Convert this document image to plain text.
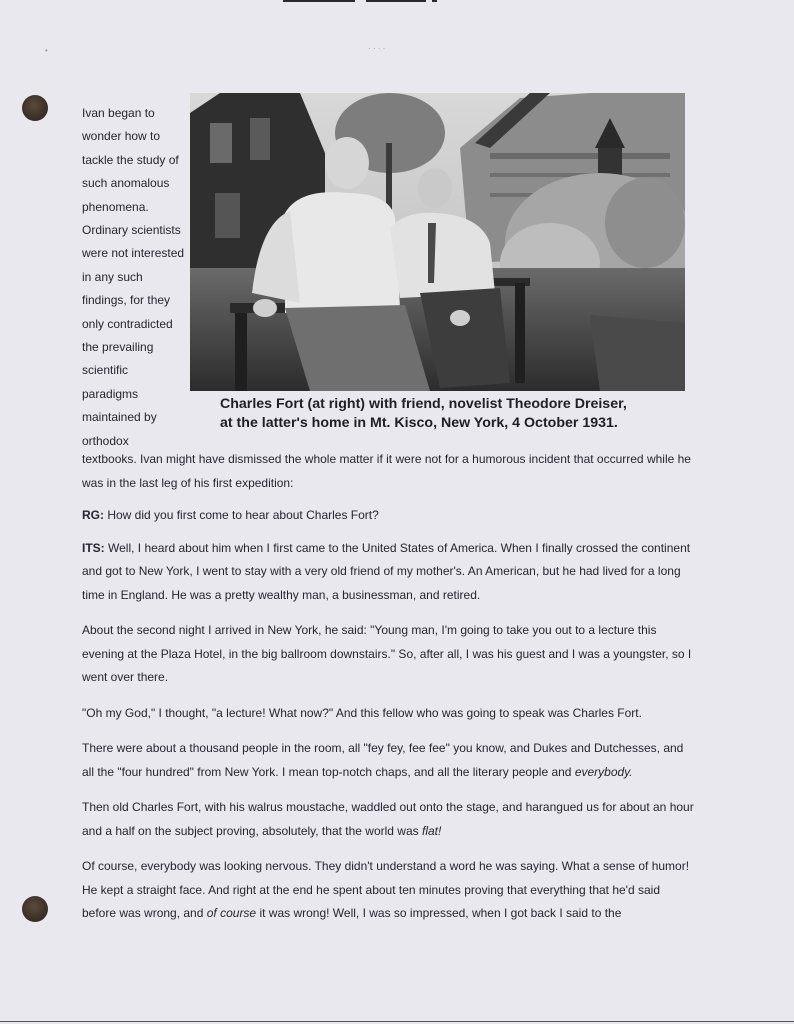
•	· · · ·
Charles Fort (at right) with friend, novelist Theodore Dreiser,
at the latter's home in Mt. Kisco, New York, 4 October 1931.
Ivan began to
wonder how to
tackle the study of
such anomalous
phenomena.
Ordinary scientists
were not interested
in any such
findings, for they
only contradicted
the prevailing
scientific
paradigms
maintained by
orthodox

textbooks. Ivan might have dismissed the whole matter if it were not for a humorous incident that occurred while he was in the last leg of his first expedition:

RG: How did you first come to hear about Charles Fort?

ITS: Well, I heard about him when I first came to the United States of America. When I finally crossed the continent and got to New York, I went to stay with a very old friend of my mother's. An American, but he had lived for a long time in England. He was a pretty wealthy man, a businessman, and retired.

About the second night I arrived in New York, he said: "Young man, I'm going to take you out to a lecture this evening at the Plaza Hotel, in the big ballroom downstairs." So, after all, I was his guest and I was a youngster, so I went over there.

"Oh my God," I thought, "a lecture! What now?" And this fellow who was going to speak was Charles Fort.

There were about a thousand people in the room, all "fey fey, fee fee" you know, and Dukes and Dutchesses, and all the "four hundred" from New York. I mean top-notch chaps, and all the literary people and everybody.

Then old Charles Fort, with his walrus moustache, waddled out onto the stage, and harangued us for about an hour and a half on the subject proving, absolutely, that the world was flat!

Of course, everybody was looking nervous. They didn't understand a word he was saying. What a sense of humor! He kept a straight face. And right at the end he spent about ten minutes proving that everything that he'd said before was wrong, and of course it was wrong! Well, I was so impressed, when I got back I said to the
